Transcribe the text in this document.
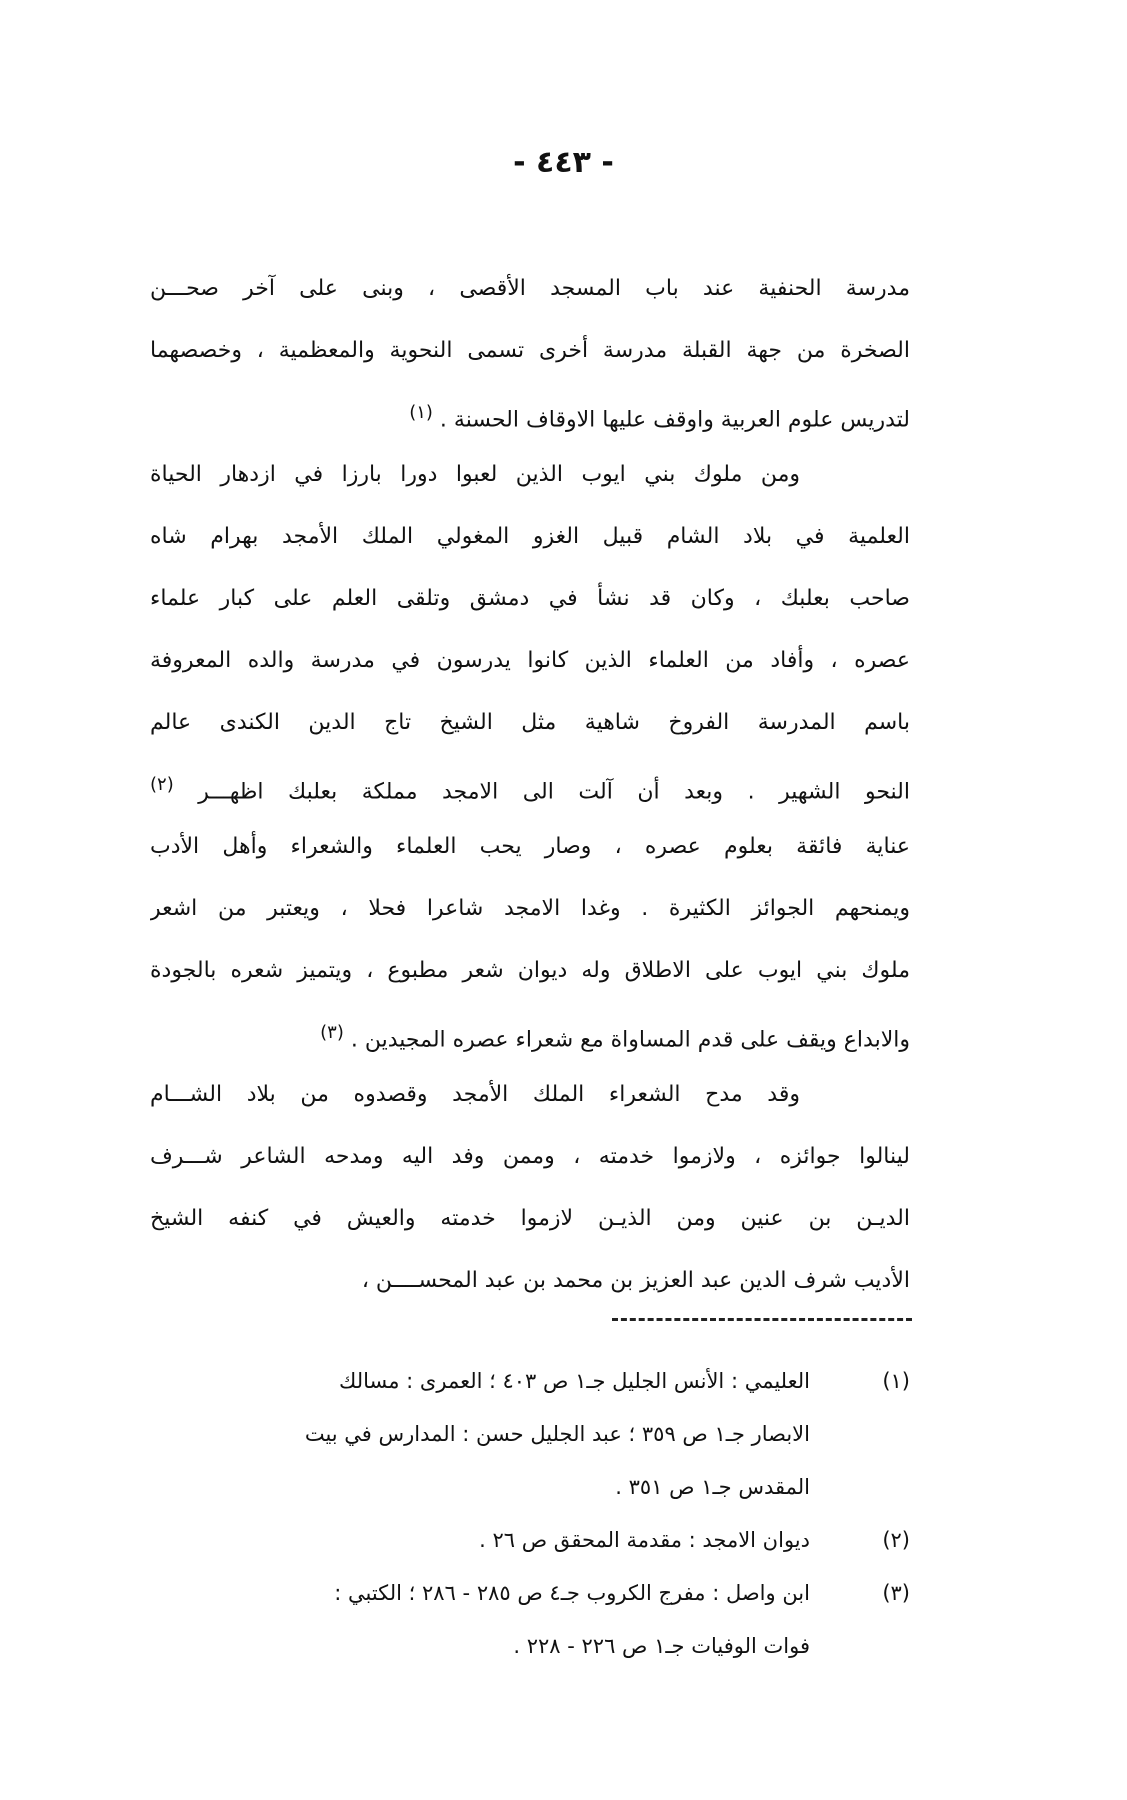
- ٤٤٣ -
مدرسة الحنفية عند باب المسجد الأقصى ، وبنى على آخر صحـــن
الصخرة من جهة القبلة مدرسة أخرى تسمى النحوية والمعظمية ، وخصصهما
لتدريس علوم العربية واوقف عليها الاوقاف الحسنة . $^{(١)}$
ومن ملوك بني ايوب الذين لعبوا دورا بارزا في ازدهار الحياة
العلمية في بلاد الشام قبيل الغزو المغولي الملك الأمجد بهرام شاه
صاحب بعلبك ، وكان قد نشأ في دمشق وتلقى العلم على كبار علماء
عصره ، وأفاد من العلماء الذين كانوا يدرسون في مدرسة والده المعروفة
باسم المدرسة الفروخ شاهية مثل الشيخ تاج الدين الكندى عالم
النحو الشهير . وبعد أن آلت الى الامجد مملكة بعلبك اظهـــر $^{(٢)}$
عناية فائقة بعلوم عصره ، وصار يحب العلماء والشعراء وأهل الأدب
ويمنحهم الجوائز الكثيرة . وغدا الامجد شاعرا فحلا ، ويعتبر من اشعر
ملوك بني ايوب على الاطلاق وله ديوان شعر مطبوع ، ويتميز شعره بالجودة
والابداع ويقف على قدم المساواة مع شعراء عصره المجيدين . $^{(٣)}$
وقد مدح الشعراء الملك الأمجد وقصدوه من بلاد الشـــام
لينالوا جوائزه ، ولازموا خدمته ، وممن وفد اليه ومدحه الشاعر شـــرف
الديـن بن عنين ومن الذيـن لازموا خدمته والعيش في كنفه الشيخ
الأديب شرف الدين عبد العزيز بن محمد بن عبد المحســــن ،
(١)
العليمي : الأنس الجليل جـ١ ص ٤٠٣ ؛ العمرى : مسالك
الابصار جـ١ ص ٣٥٩ ؛ عبد الجليل حسن : المدارس في بيت
المقدس جـ١ ص ٣٥١ .
(٢)
ديوان الامجد : مقدمة المحقق ص ٢٦ .
(٣)
ابن واصل : مفرج الكروب جـ٤ ص ٢٨٥ - ٢٨٦ ؛ الكتبي :
فوات الوفيات جـ١ ص ٢٢٦ - ٢٢٨ .
